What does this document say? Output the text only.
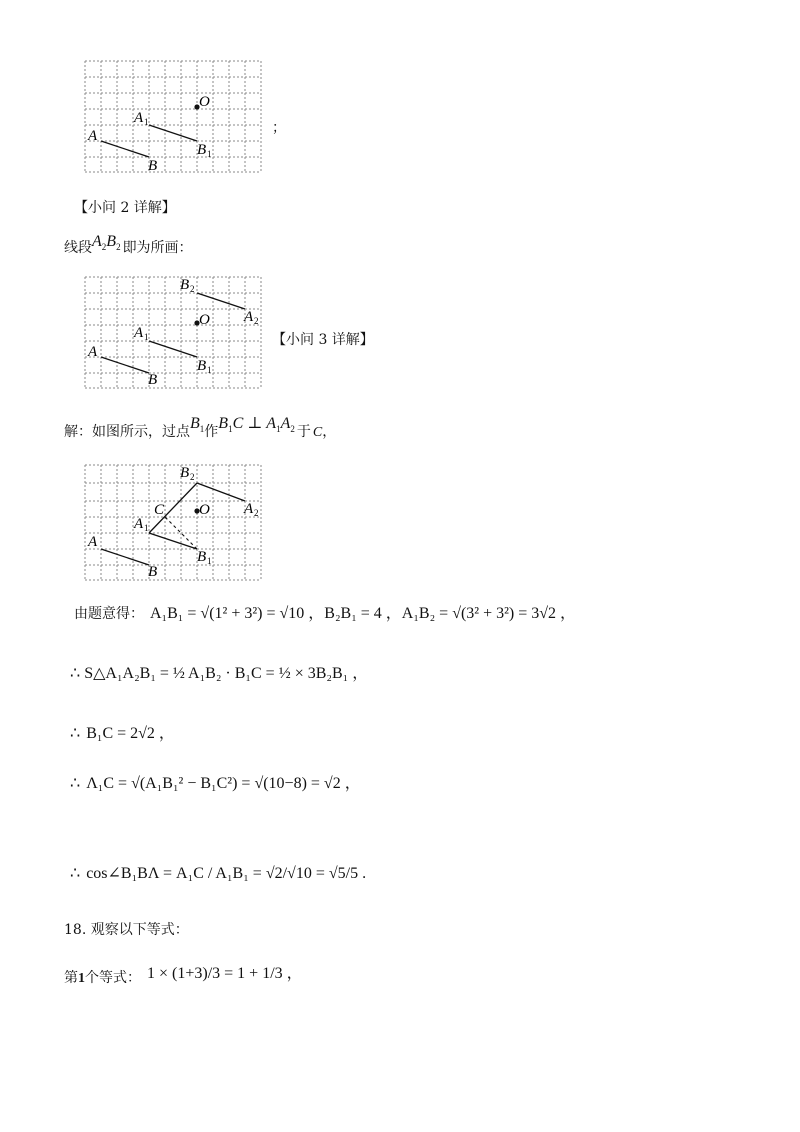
O
A 1
B 1
A
B
；
【小问 2 详解】
线段A2B2 即为所画：
B 2
O A 2
A 1
B 1
A
B
【小问 3 详解】
解：如图所示，过点$B_1$作$B_1C$ ⊥ $A_1A_2$ 于 C，
B 2
C O A 2
A 1
B 1
A
B
由题意得： A₁B₁ = √(1² + 3²) = √10 ，B₂B₁ = 4 ，A₁B₂ = √(3² + 3²) = 3√2 ，
∴ S△A₁A₂B₁ = ½ A₁B₂ · B₁C = ½ × 3B₂B₁ ，
∴ B₁C = 2√2 ，
∴ Λ₁C = √(A₁B₁² − B₁C²) = √(10−8) = √2 ，
∴ cos∠B₁BΛ = A₁C / A₁B₁ = √2/√10 = √5/5 .
18. 观察以下等式：
第1个等式： 1 × (1+3)/3 = 1 + 1/3 ，
